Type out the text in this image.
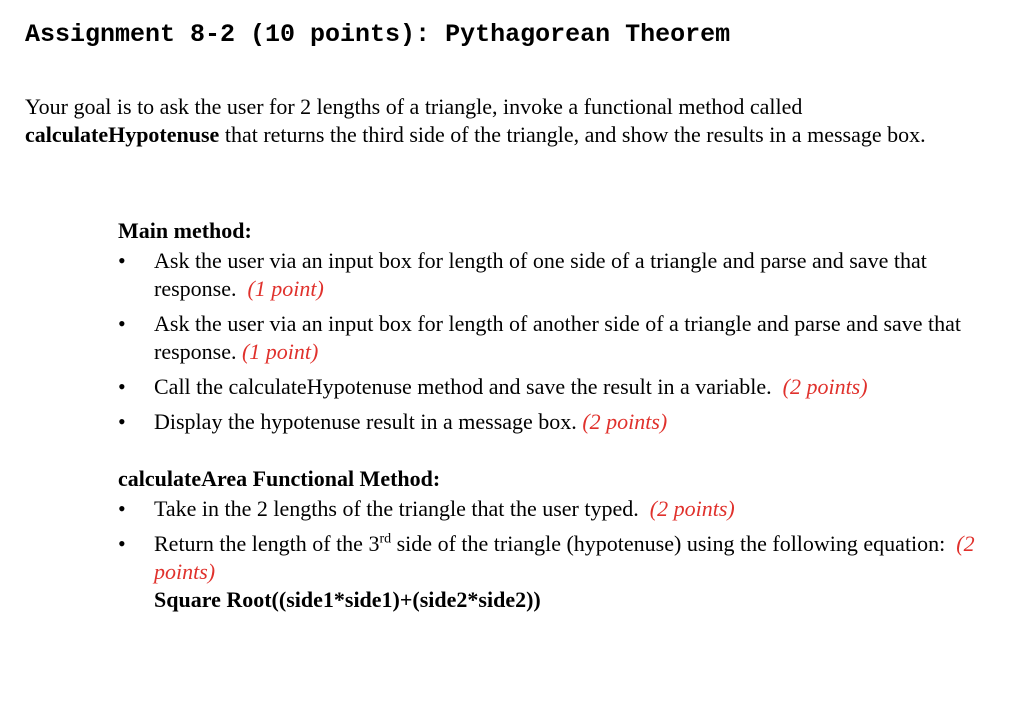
Assignment 8-2 (10 points): Pythagorean Theorem

Your goal is to ask the user for 2 lengths of a triangle, invoke a functional method called calculateHypotenuse that returns the third side of the triangle, and show the results in a message box.

Main method:

•	Ask the user via an input box for length of one side of a triangle and parse and save that response. (1 point)
•	Ask the user via an input box for length of another side of a triangle and parse and save that response. (1 point)
•	Call the calculateHypotenuse method and save the result in a variable. (2 points)
•	Display the hypotenuse result in a message box. (2 points)

calculateArea Functional Method:

•	Take in the 2 lengths of the triangle that the user typed. (2 points)
•	Return the length of the 3rd side of the triangle (hypotenuse) using the following equation: (2 points)
Square Root((side1*side1)+(side2*side2))
